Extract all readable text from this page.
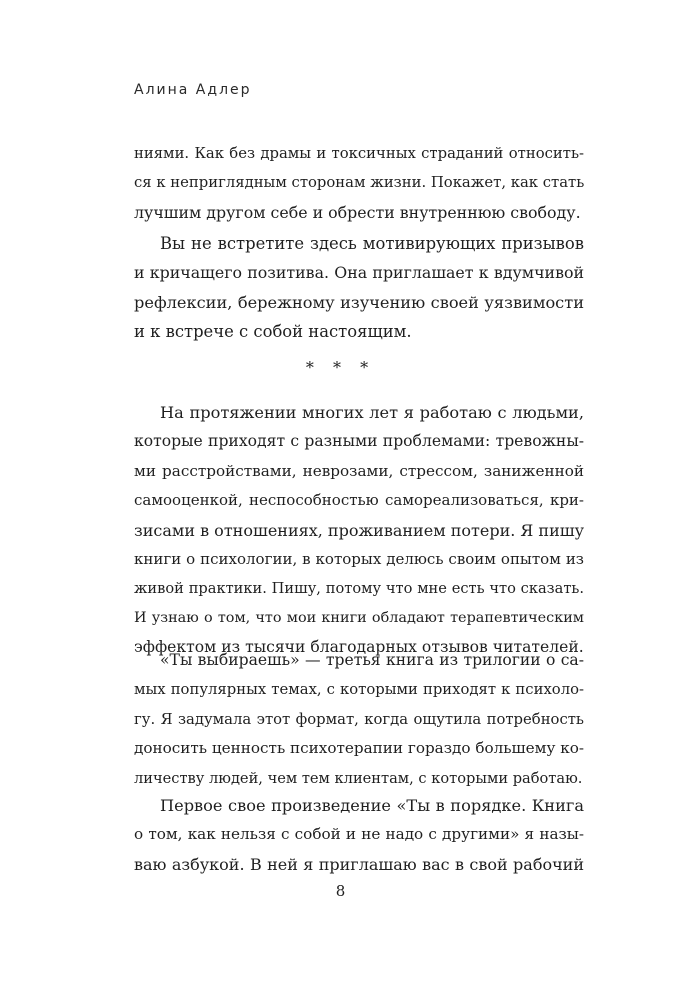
Алина Адлер
ниями. Как без драмы и токсичных страданий относить-
ся к неприглядным сторонам жизни. Покажет, как стать
лучшим другом себе и обрести внутреннюю свободу.
Вы не встретите здесь мотивирующих призывов
и кричащего позитива. Она приглашает к вдумчивой
рефлексии, бережному изучению своей уязвимости
и к встрече с собой настоящим.
* * *
На протяжении многих лет я работаю с людьми,
которые приходят с разными проблемами: тревожны-
ми расстройствами, неврозами, стрессом, заниженной
самооценкой, неспособностью самореализоваться, кри-
зисами в отношениях, проживанием потери. Я пишу
книги о психологии, в которых делюсь своим опытом из
живой практики. Пишу, потому что мне есть что сказать.
И узнаю о том, что мои книги обладают терапевтическим
эффектом из тысячи благодарных отзывов читателей.
«Ты выбираешь» — третья книга из трилогии о са-
мых популярных темах, с которыми приходят к психоло-
гу. Я задумала этот формат, когда ощутила потребность
доносить ценность психотерапии гораздо большему ко-
личеству людей, чем тем клиентам, с которыми работаю.
Первое свое произведение «Ты в порядке. Книга
о том, как нельзя с собой и не надо с другими» я назы-
ваю азбукой. В ней я приглашаю вас в свой рабочий
8
